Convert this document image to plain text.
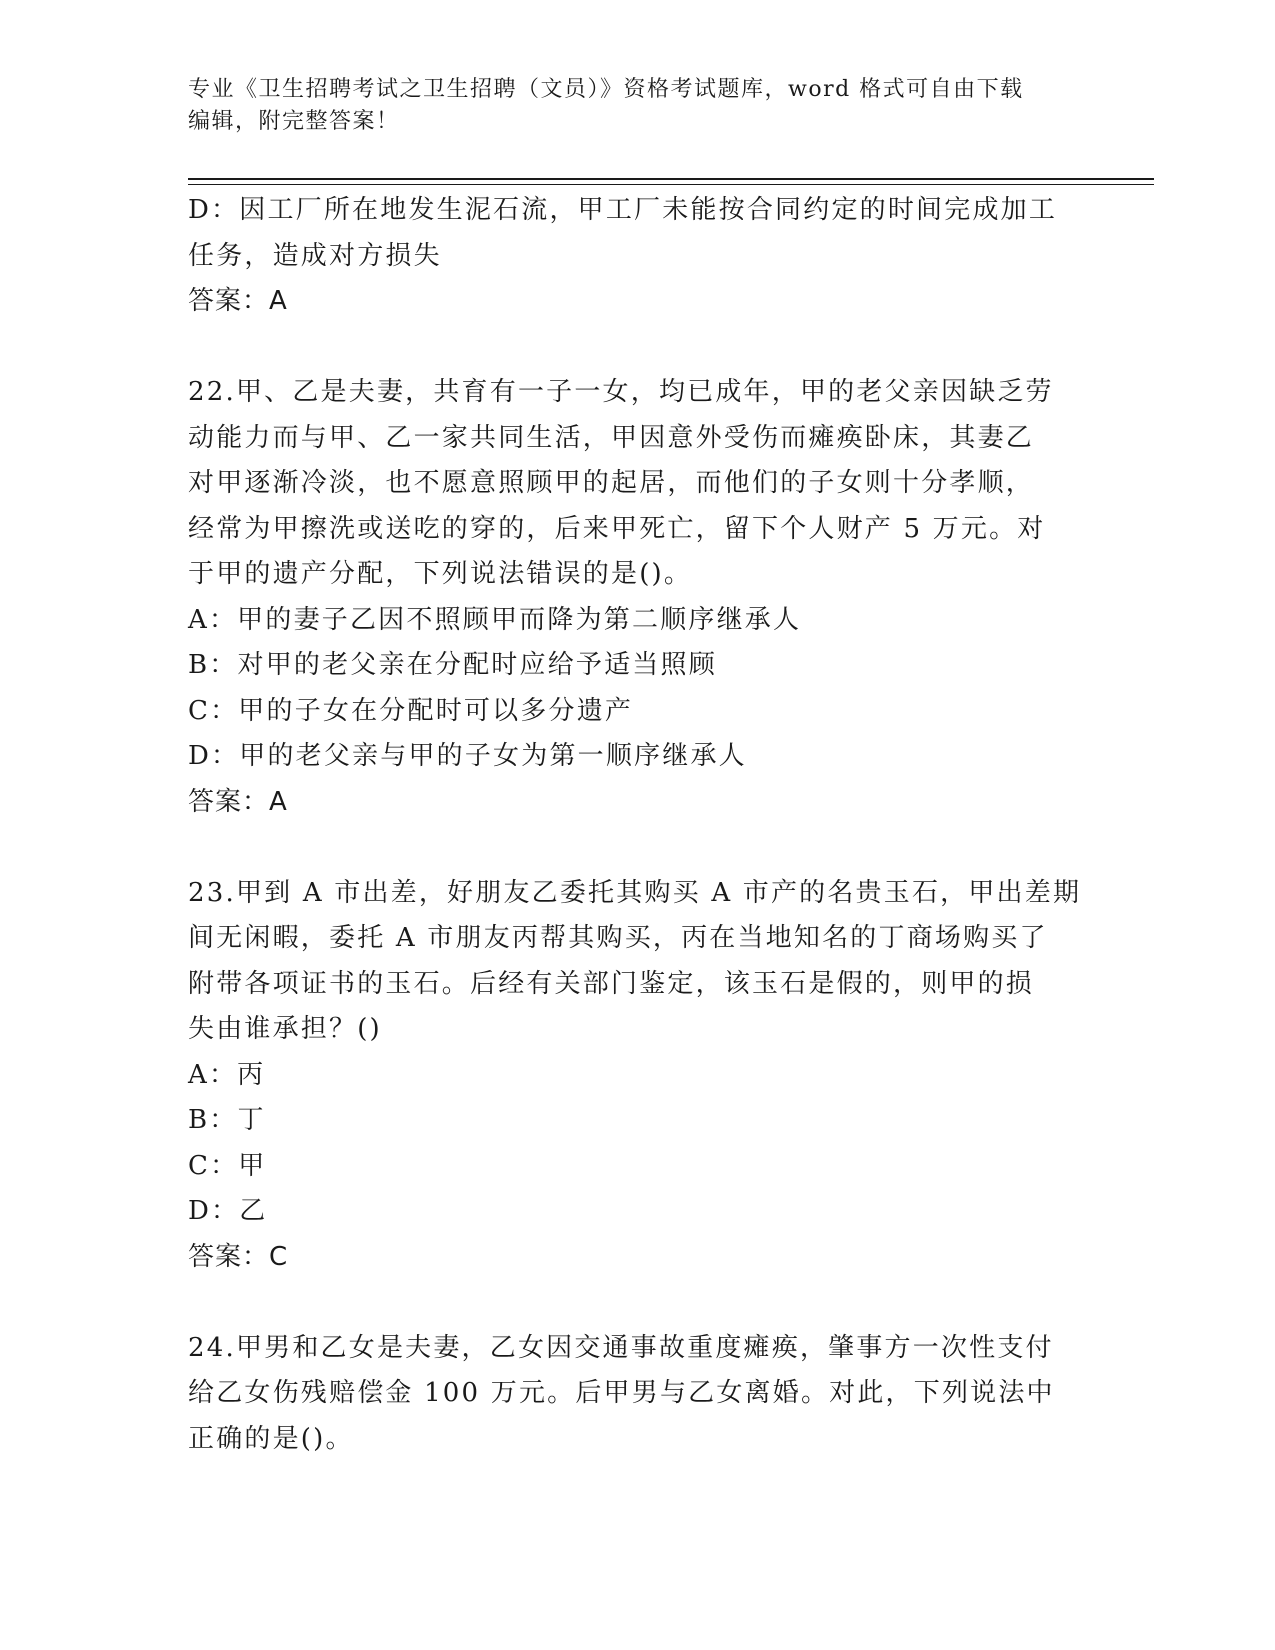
专业《卫生招聘考试之卫生招聘（文员）》资格考试题库，word 格式可自由下载
编辑，附完整答案！
D：因工厂所在地发生泥石流，甲工厂未能按合同约定的时间完成加工
任务，造成对方损失
答案：A
22.甲、乙是夫妻，共育有一子一女，均已成年，甲的老父亲因缺乏劳
动能力而与甲、乙一家共同生活，甲因意外受伤而瘫痪卧床，其妻乙
对甲逐渐冷淡，也不愿意照顾甲的起居，而他们的子女则十分孝顺，
经常为甲擦洗或送吃的穿的，后来甲死亡，留下个人财产 5 万元。对
于甲的遗产分配，下列说法错误的是()。
A：甲的妻子乙因不照顾甲而降为第二顺序继承人
B：对甲的老父亲在分配时应给予适当照顾
C：甲的子女在分配时可以多分遗产
D：甲的老父亲与甲的子女为第一顺序继承人
答案：A
23.甲到 A 市出差，好朋友乙委托其购买 A 市产的名贵玉石，甲出差期
间无闲暇，委托 A 市朋友丙帮其购买，丙在当地知名的丁商场购买了
附带各项证书的玉石。后经有关部门鉴定，该玉石是假的，则甲的损
失由谁承担？()
A：丙
B：丁
C：甲
D：乙
答案：C
24.甲男和乙女是夫妻，乙女因交通事故重度瘫痪，肇事方一次性支付
给乙女伤残赔偿金 100 万元。后甲男与乙女离婚。对此，下列说法中
正确的是()。
